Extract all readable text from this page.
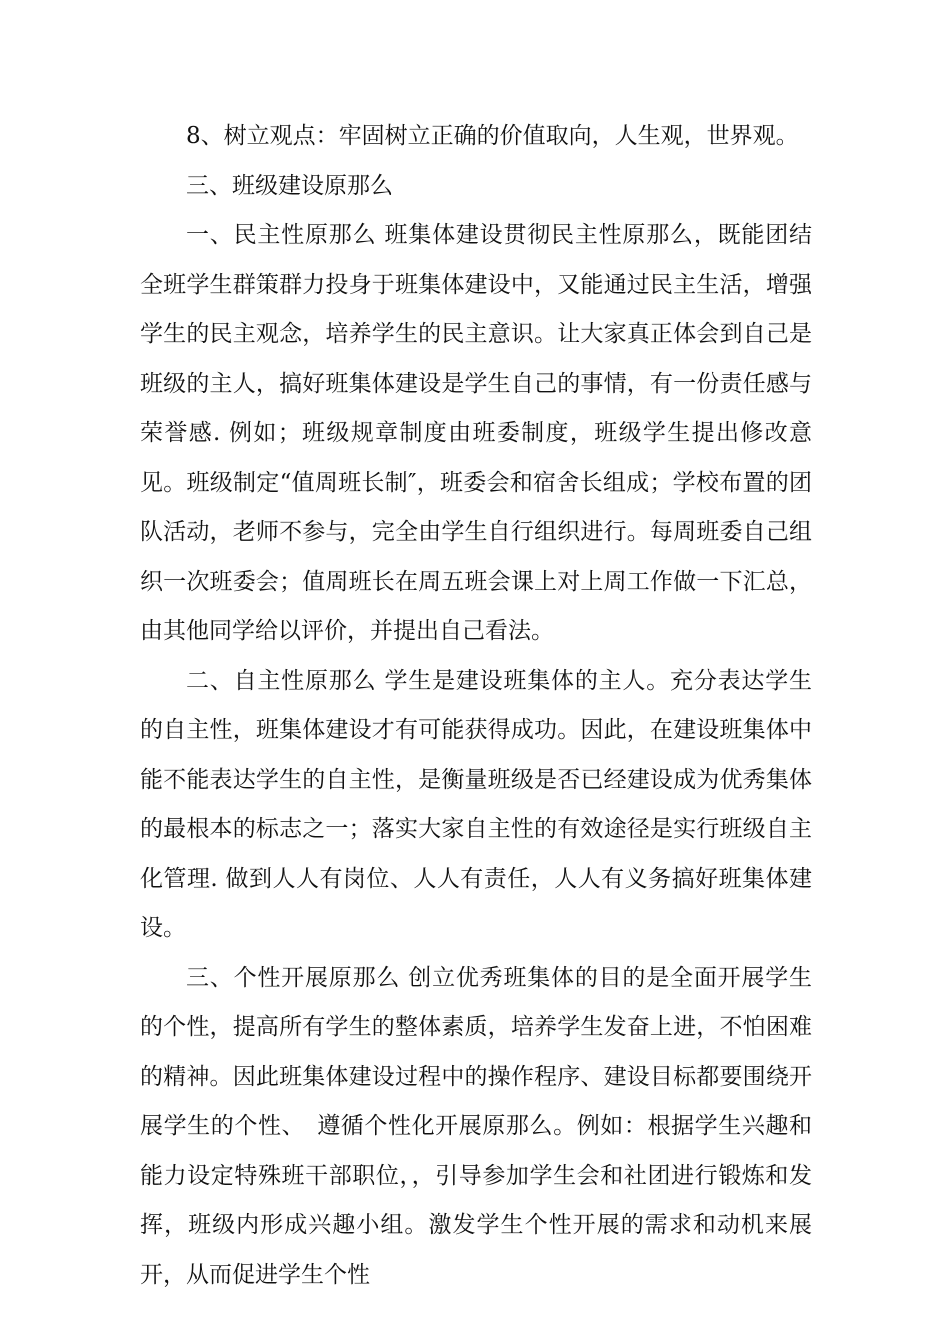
8、树立观点：牢固树立正确的价值取向，人生观，世界观。

三、班级建设原那么

一、民主性原那么 班集体建设贯彻民主性原那么，既能团结全班学生群策群力投身于班集体建设中，又能通过民主生活，增强学生的民主观念，培养学生的民主意识。让大家真正体会到自己是班级的主人，搞好班集体建设是学生自己的事情，有一份责任感与荣誉感. 例如；班级规章制度由班委制度，班级学生提出修改意见。班级制定“值周班长制″，班委会和宿舍长组成；学校布置的团队活动，老师不参与，完全由学生自行组织进行。每周班委自己组织一次班委会；值周班长在周五班会课上对上周工作做一下汇总，由其他同学给以评价，并提出自己看法。

二、自主性原那么 学生是建设班集体的主人。充分表达学生的自主性，班集体建设才有可能获得成功。因此，在建设班集体中能不能表达学生的自主性，是衡量班级是否已经建设成为优秀集体的最根本的标志之一；落实大家自主性的有效途径是实行班级自主化管理. 做到人人有岗位、人人有责任，人人有义务搞好班集体建设。

三、个性开展原那么 创立优秀班集体的目的是全面开展学生的个性，提高所有学生的整体素质，培养学生发奋上进，不怕困难的精神。因此班集体建设过程中的操作程序、建设目标都要围绕开展学生的个性、　遵循个性化开展原那么。例如：根据学生兴趣和能力设定特殊班干部职位，，引导参加学生会和社团进行锻炼和发挥，班级内形成兴趣小组。激发学生个性开展的需求和动机来展开，从而促进学生个性
